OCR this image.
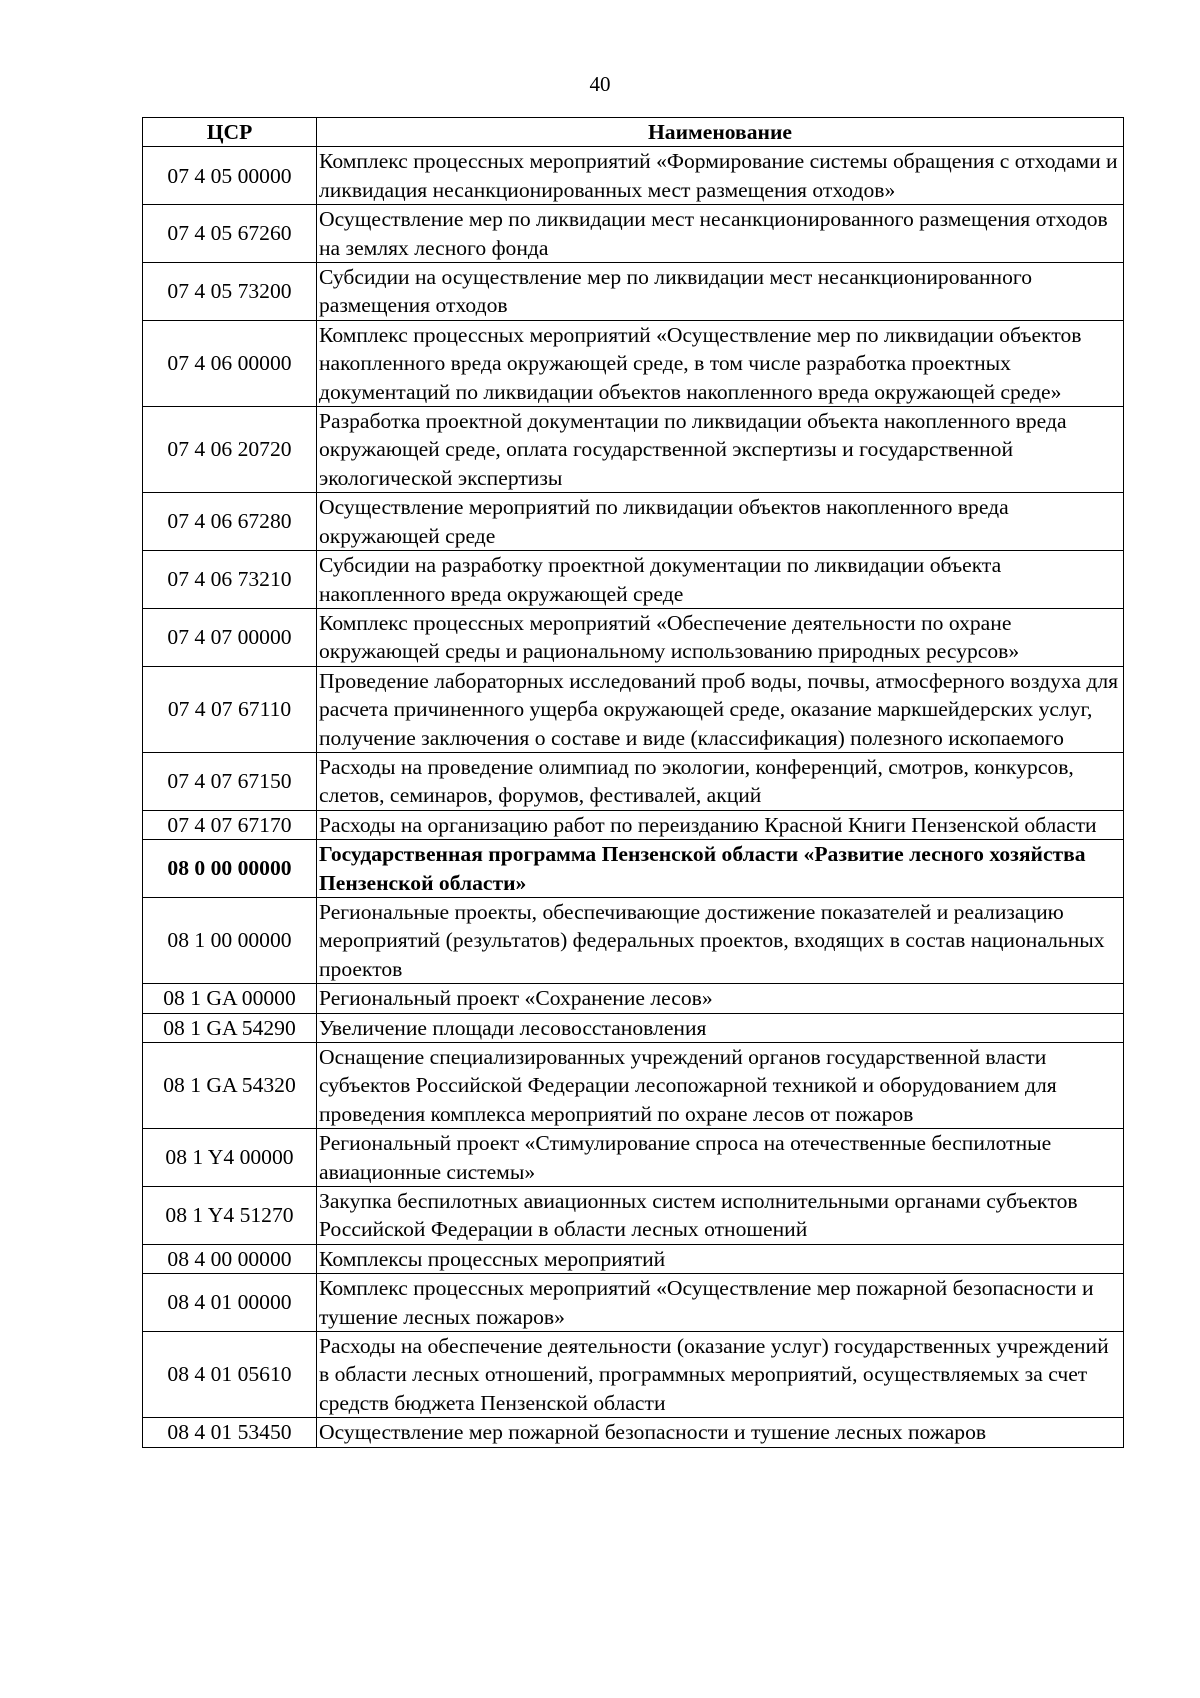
40
ЦСР	Наименование
07 4 05 00000	Комплекс процессных мероприятий «Формирование системы обращения с отходами и ликвидация несанкционированных мест размещения отходов»
07 4 05 67260	Осуществление мер по ликвидации мест несанкционированного размещения отходов на землях лесного фонда
07 4 05 73200	Субсидии на осуществление мер по ликвидации мест несанкционированного размещения отходов
07 4 06 00000	Комплекс процессных мероприятий «Осуществление мер по ликвидации объектов накопленного вреда окружающей среде, в том числе разработка проектных документаций по ликвидации объектов накопленного вреда окружающей среде»
07 4 06 20720	Разработка проектной документации по ликвидации объекта накопленного вреда окружающей среде, оплата государственной экспертизы и государственной экологической экспертизы
07 4 06 67280	Осуществление мероприятий по ликвидации объектов накопленного вреда окружающей среде
07 4 06 73210	Субсидии на разработку проектной документации по ликвидации объекта накопленного вреда окружающей среде
07 4 07 00000	Комплекс процессных мероприятий «Обеспечение деятельности по охране окружающей среды и рациональному использованию природных ресурсов»
07 4 07 67110	Проведение лабораторных исследований проб воды, почвы, атмосферного воздуха для расчета причиненного ущерба окружающей среде, оказание маркшейдерских услуг, получение заключения о составе и виде (классификация) полезного ископаемого
07 4 07 67150	Расходы на проведение олимпиад по экологии, конференций, смотров, конкурсов, слетов, семинаров, форумов, фестивалей, акций
07 4 07 67170	Расходы на организацию работ по переизданию Красной Книги Пензенской области
08 0 00 00000	Государственная программа Пензенской области «Развитие лесного хозяйства Пензенской области»
08 1 00 00000	Региональные проекты, обеспечивающие достижение показателей и реализацию мероприятий (результатов) федеральных проектов, входящих в состав национальных проектов
08 1 GA 00000	Региональный проект «Сохранение лесов»
08 1 GA 54290	Увеличение площади лесовосстановления
08 1 GA 54320	Оснащение специализированных учреждений органов государственной власти субъектов Российской Федерации лесопожарной техникой и оборудованием для проведения комплекса мероприятий по охране лесов от пожаров
08 1 Y4 00000	Региональный проект «Стимулирование спроса на отечественные беспилотные авиационные системы»
08 1 Y4 51270	Закупка беспилотных авиационных систем исполнительными органами субъектов Российской Федерации в области лесных отношений
08 4 00 00000	Комплексы процессных мероприятий
08 4 01 00000	Комплекс процессных мероприятий «Осуществление мер пожарной безопасности и тушение лесных пожаров»
08 4 01 05610	Расходы на обеспечение деятельности (оказание услуг) государственных учреждений в области лесных отношений, программных мероприятий, осуществляемых за счет средств бюджета Пензенской области
08 4 01 53450	Осуществление мер пожарной безопасности и тушение лесных пожаров
